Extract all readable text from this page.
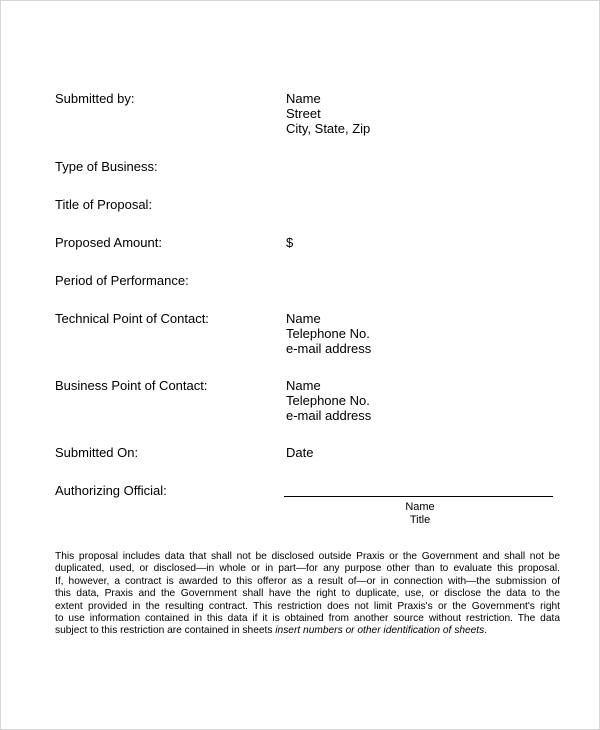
Submitted by:	Name
Street
City, State, Zip
Type of Business:
Title of Proposal:
Proposed Amount:	$
Period of Performance:
Technical Point of Contact:	Name
Telephone No.
e-mail address
Business Point of Contact:	Name
Telephone No.
e-mail address
Submitted On:	Date
Authorizing Official:
Name
Title
This proposal includes data that shall not be disclosed outside Praxis or the Government and shall not be
duplicated, used, or disclosed—in whole or in part—for any purpose other than to evaluate this proposal.
If, however, a contract is awarded to this offeror as a result of—or in connection with—the submission of
this data, Praxis and the Government shall have the right to duplicate, use, or disclose the data to the
extent provided in the resulting contract. This restriction does not limit Praxis's or the Government's right
to use information contained in this data if it is obtained from another source without restriction. The data
subject to this restriction are contained in sheets insert numbers or other identification of sheets.
